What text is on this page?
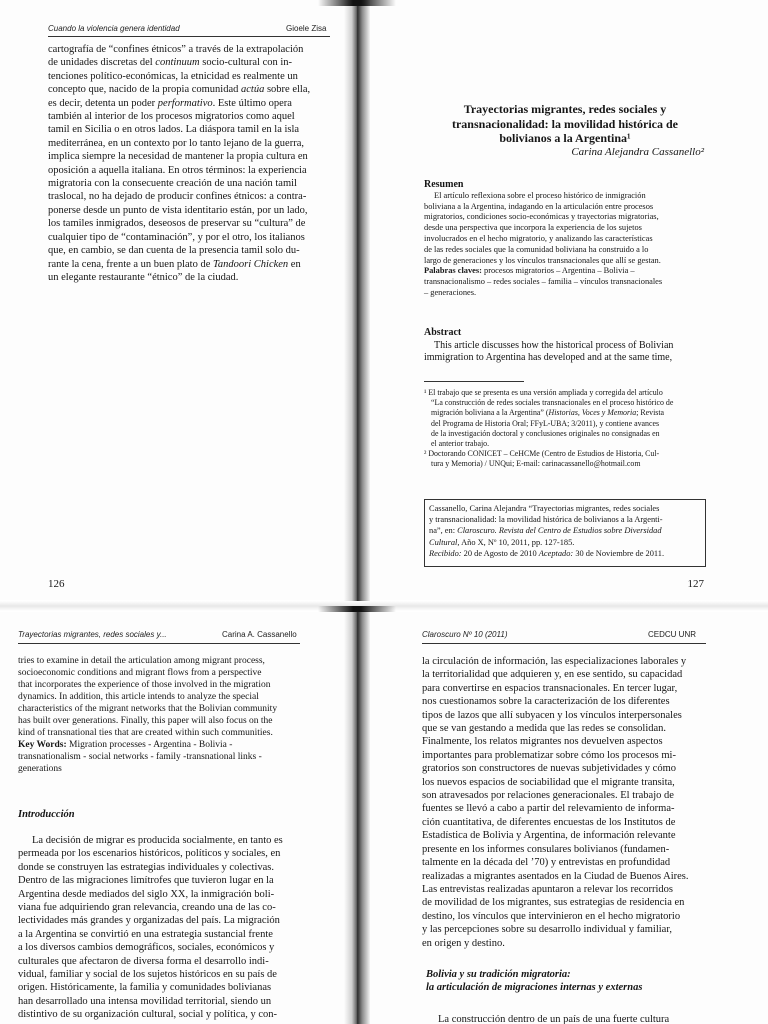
Cuando la violencia genera identidad	Gioele Zisa

cartografía de “confines étnicos” a través de la extrapolación

de unidades discretas del continuum socio-cultural con in-

tenciones político-económicas, la etnicidad es realmente un

concepto que, nacido de la propia comunidad actúa sobre ella,

es decir, detenta un poder performativo. Este último opera

también al interior de los procesos migratorios como aquel

tamil en Sicilia o en otros lados. La diáspora tamil en la isla

mediterránea, en un contexto por lo tanto lejano de la guerra,

implica siempre la necesidad de mantener la propia cultura en

oposición a aquella italiana. En otros términos: la experiencia

migratoria con la consecuente creación de una nación tamil

traslocal, no ha dejado de producir confines étnicos: a contra-

ponerse desde un punto de vista identitario están, por un lado,

los tamiles inmigrados, deseosos de preservar su “cultura” de

cualquier tipo de “contaminación”, y por el otro, los italianos

que, en cambio, se dan cuenta de la presencia tamil solo du-

rante la cena, frente a un buen plato de Tandoori Chicken en

un elegante restaurante “étnico” de la ciudad.

126
Trayectorias migrantes, redes sociales y
transnacionalidad: la movilidad histórica de
bolivianos a la Argentina¹
Carina Alejandra Cassanello²

Resumen

El artículo reflexiona sobre el proceso histórico de inmigración

boliviana a la Argentina, indagando en la articulación entre procesos

migratorios, condiciones socio-económicas y trayectorias migratorias,

desde una perspectiva que incorpora la experiencia de los sujetos

involucrados en el hecho migratorio, y analizando las características

de las redes sociales que la comunidad boliviana ha construido a lo

largo de generaciones y los vínculos transnacionales que allí se gestan.

Palabras claves: procesos migratorios – Argentina – Bolivia –

transnacionalismo – redes sociales – familia – vínculos transnacionales

– generaciones.

Abstract

This article discusses how the historical process of Bolivian

immigration to Argentina has developed and at the same time,

¹ El trabajo que se presenta es una versión ampliada y corregida del artículo

“La construcción de redes sociales transnacionales en el proceso histórico de

migración boliviana a la Argentina” (Historias, Voces y Memoria; Revista

del Programa de Historia Oral; FFyL-UBA; 3/2011), y contiene avances

de la investigación doctoral y conclusiones originales no consignadas en

el anterior trabajo.

² Doctorando CONICET – CeHCMe (Centro de Estudios de Historia, Cul-

tura y Memoria) / UNQui; E-mail: carinacassanello@hotmail.com

Cassanello, Carina Alejandra “Trayectorias migrantes, redes sociales
y transnacionalidad: la movilidad histórica de bolivianos a la Argenti-
na”, en: Claroscuro. Revista del Centro de Estudios sobre Diversidad
Cultural, Año X, Nº 10, 2011, pp. 127-185.
Recibido: 20 de Agosto de 2010 Aceptado: 30 de Noviembre de 2011.
127
Trayectorias migrantes, redes sociales y...	Carina A. Cassanello

tries to examine in detail the articulation among migrant process,

socioeconomic conditions and migrant flows from a perspective

that incorporates the experience of those involved in the migration

dynamics. In addition, this article intends to analyze the special

characteristics of the migrant networks that the Bolivian community

has built over generations. Finally, this paper will also focus on the

kind of transnational ties that are created within such communities.

Key Words: Migration processes - Argentina - Bolivia -

transnationalism - social networks - family -transnational links -

generations

Introducción

La decisión de migrar es producida socialmente, en tanto es

permeada por los escenarios históricos, políticos y sociales, en

donde se construyen las estrategias individuales y colectivas.

Dentro de las migraciones limítrofes que tuvieron lugar en la

Argentina desde mediados del siglo XX, la inmigración boli-

viana fue adquiriendo gran relevancia, creando una de las co-

lectividades más grandes y organizadas del país. La migración

a la Argentina se convirtió en una estrategia sustancial frente

a los diversos cambios demográficos, sociales, económicos y

culturales que afectaron de diversa forma el desarrollo indi-

vidual, familiar y social de los sujetos históricos en su país de

origen. Históricamente, la familia y comunidades bolivianas

han desarrollado una intensa movilidad territorial, siendo un

distintivo de su organización cultural, social y política, y con-

Claroscuro Nº 10 (2011)	CEDCU UNR

la circulación de información, las especializaciones laborales y

la territorialidad que adquieren y, en ese sentido, su capacidad

para convertirse en espacios transnacionales. En tercer lugar,

nos cuestionamos sobre la caracterización de los diferentes

tipos de lazos que allí subyacen y los vínculos interpersonales

que se van gestando a medida que las redes se consolidan.

Finalmente, los relatos migrantes nos devuelven aspectos

importantes para problematizar sobre cómo los procesos mi-

gratorios son constructores de nuevas subjetividades y cómo

los nuevos espacios de sociabilidad que el migrante transita,

son atravesados por relaciones generacionales. El trabajo de

fuentes se llevó a cabo a partir del relevamiento de informa-

ción cuantitativa, de diferentes encuestas de los Institutos de

Estadística de Bolivia y Argentina, de información relevante

presente en los informes consulares bolivianos (fundamen-

talmente en la década del ’70) y entrevistas en profundidad

realizadas a migrantes asentados en la Ciudad de Buenos Aires.

Las entrevistas realizadas apuntaron a relevar los recorridos

de movilidad de los migrantes, sus estrategias de residencia en

destino, los vínculos que intervinieron en el hecho migratorio

y las percepciones sobre su desarrollo individual y familiar,

en origen y destino.

Bolivia y su tradición migratoria:
la articulación de migraciones internas y externas

La construcción dentro de un país de una fuerte cultura
